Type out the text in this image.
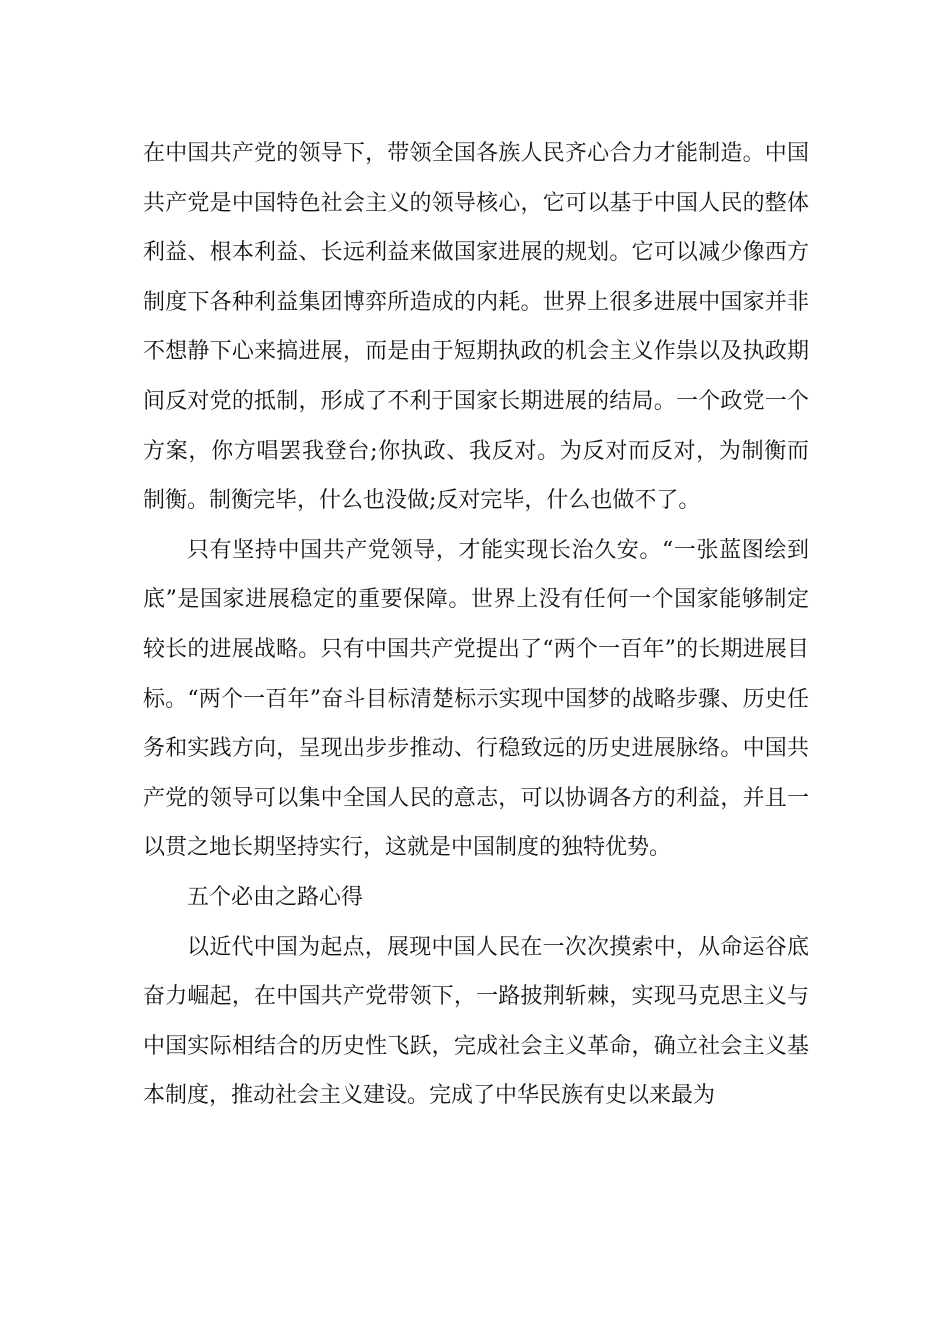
在中国共产党的领导下，带领全国各族人民齐心合力才能制造。中国共产党是中国特色社会主义的领导核心，它可以基于中国人民的整体利益、根本利益、长远利益来做国家进展的规划。它可以减少像西方制度下各种利益集团博弈所造成的内耗。世界上很多进展中国家并非不想静下心来搞进展，而是由于短期执政的机会主义作祟以及执政期间反对党的抵制，形成了不利于国家长期进展的结局。一个政党一个方案，你方唱罢我登台;你执政、我反对。为反对而反对，为制衡而制衡。制衡完毕，什么也没做;反对完毕，什么也做不了。

只有坚持中国共产党领导，才能实现长治久安。“一张蓝图绘到底”是国家进展稳定的重要保障。世界上没有任何一个国家能够制定较长的进展战略。只有中国共产党提出了“两个一百年”的长期进展目标。“两个一百年”奋斗目标清楚标示实现中国梦的战略步骤、历史任务和实践方向，呈现出步步推动、行稳致远的历史进展脉络。中国共产党的领导可以集中全国人民的意志，可以协调各方的利益，并且一以贯之地长期坚持实行，这就是中国制度的独特优势。

五个必由之路心得

以近代中国为起点，展现中国人民在一次次摸索中，从命运谷底奋力崛起，在中国共产党带领下，一路披荆斩棘，实现马克思主义与中国实际相结合的历史性飞跃，完成社会主义革命，确立社会主义基本制度，推动社会主义建设。完成了中华民族有史以来最为
